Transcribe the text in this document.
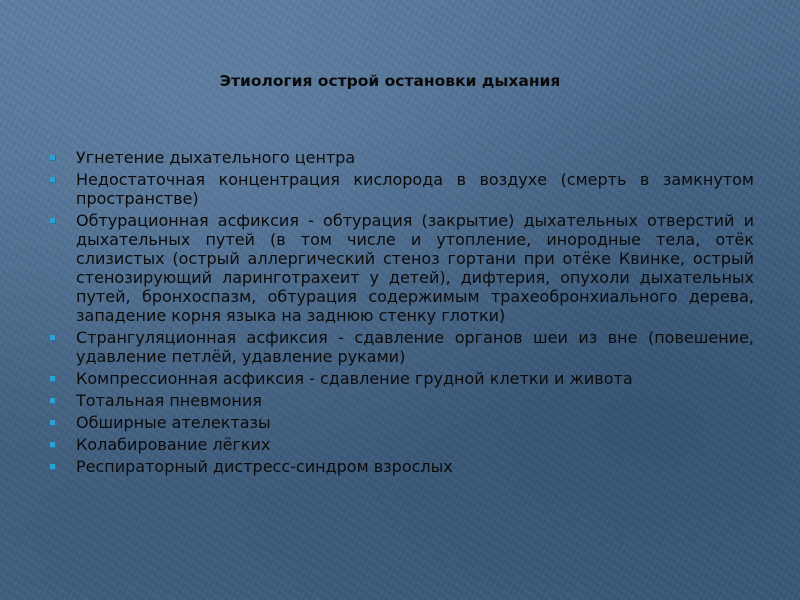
Этиология острой остановки дыхания
Угнетение дыхательного центра
Недостаточная концентрация кислорода в воздухе (смерть в замкнутом пространстве)
Обтурационная асфиксия - обтурация (закрытие) дыхательных отверстий и дыхательных путей (в том числе и утопление, инородные тела, отёк слизистых (острый аллергический стеноз гортани при отёке Квинке, острый стенозирующий ларинготрахеит у детей), дифтерия, опухоли дыхательных путей, бронхоспазм, обтурация содержимым трахеобронхиального дерева, западение корня языка на заднюю стенку глотки)
Странгуляционная асфиксия - сдавление органов шеи из вне (повешение, удавление петлёй, удавление руками)
Компрессионная асфиксия - сдавление грудной клетки и живота
Тотальная пневмония
Обширные ателектазы
Колабирование лёгких
Респираторный дистресс-синдром взрослых
